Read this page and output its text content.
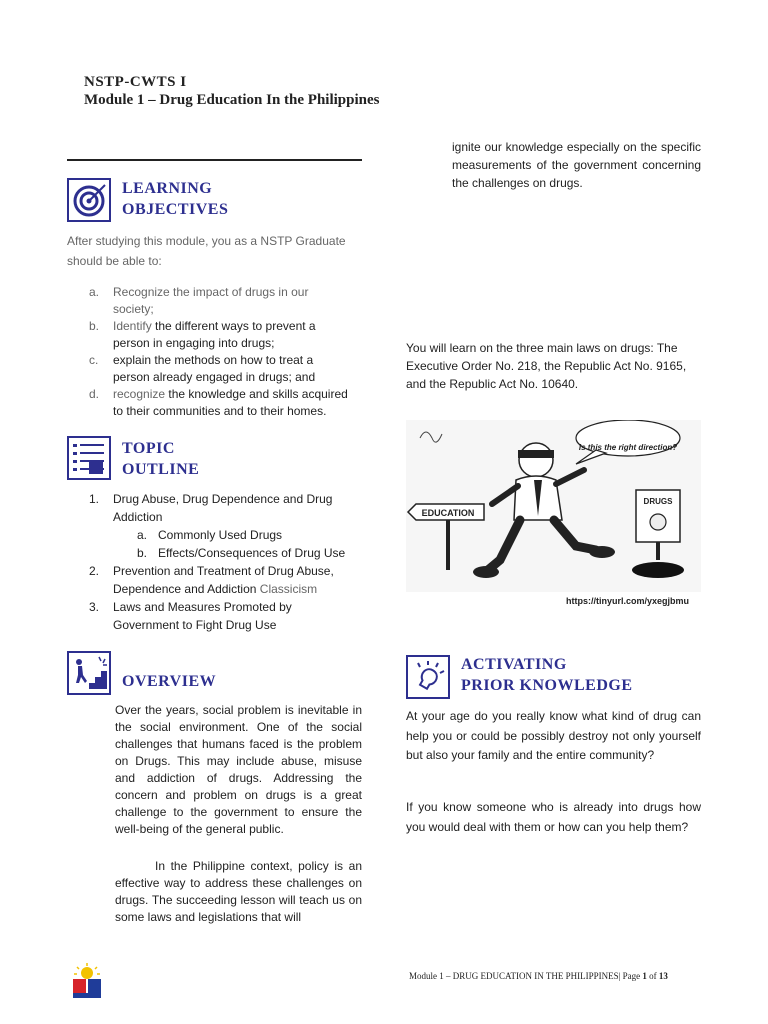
NSTP-CWTS I
Module 1 – Drug Education In the Philippines
LEARNING
OBJECTIVES
After studying this module, you as a NSTP Graduate
should be able to:
a. Recognize the impact of drugs in our
society;
b. Identify the different ways to prevent a
person in engaging into drugs;
c. explain the methods on how to treat a
person already engaged in drugs; and
d. recognize the knowledge and skills acquired
to their communities and to their homes.
TOPIC
OUTLINE
1. Drug Abuse, Drug Dependence and Drug
Addiction
a. Commonly Used Drugs
b. Effects/Consequences of Drug Use
2. Prevention and Treatment of Drug Abuse,
Dependence and Addiction Classicism
3. Laws and Measures Promoted by
Government to Fight Drug Use
OVERVIEW
Over the years, social problem is inevitable in the social environment. One of the social challenges that humans faced is the problem on Drugs. This may include abuse, misuse and addiction of drugs. Addressing the concern and problem on drugs is a great challenge to the government to ensure the well-being of the general public.
In the Philippine context, policy is an effective way to address these challenges on drugs. The succeeding lesson will teach us on some laws and legislations that will
ignite our knowledge especially on the specific measurements of the government concerning the challenges on drugs.
You will learn on the three main laws on drugs: The Executive Order No. 218, the Republic Act No. 9165, and the Republic Act No. 10640.
Is this the right direction?
EDUCATION
DRUGS
https://tinyurl.com/yxegjbmu
ACTIVATING
PRIOR KNOWLEDGE
At your age do you really know what kind of drug can help you or could be possibly destroy not only yourself but also your family and the entire community?
If you know someone who is already into drugs how you would deal with them or how can you help them?
Module 1 – DRUG EDUCATION IN THE PHILIPPINES| Page 1 of 13
